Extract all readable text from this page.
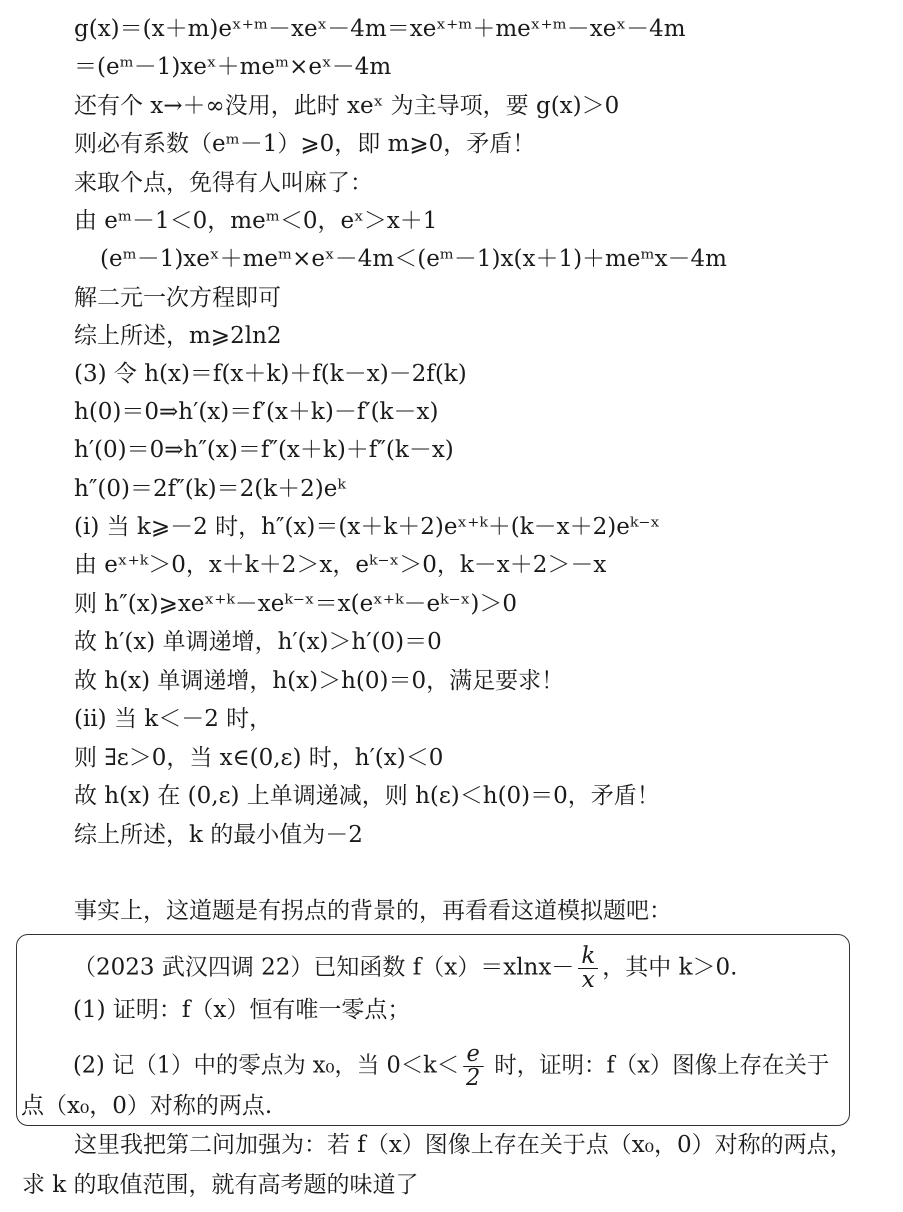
g(x)＝(x＋m)eˣ⁺ᵐ－xeˣ－4m＝xeˣ⁺ᵐ＋meˣ⁺ᵐ－xeˣ－4m
＝(eᵐ－1)xeˣ＋meᵐ×eˣ－4m
还有个 x→＋∞没用，此时 xeˣ 为主导项，要 g(x)＞0
则必有系数（eᵐ－1）⩾0，即 m⩾0，矛盾！
来取个点，免得有人叫麻了：
由 eᵐ－1＜0，meᵐ＜0，eˣ＞x＋1
(eᵐ－1)xeˣ＋meᵐ×eˣ－4m＜(eᵐ－1)x(x＋1)＋meᵐx－4m
解二元一次方程即可
综上所述，m⩾2ln2
(3) 令 h(x)＝f(x＋k)＋f(k－x)－2f(k)
h(0)＝0⇒h′(x)＝f′(x＋k)－f′(k－x)
h′(0)＝0⇒h″(x)＝f″(x＋k)＋f″(k－x)
h″(0)＝2f″(k)＝2(k＋2)eᵏ
(i) 当 k⩾－2 时，h″(x)＝(x＋k＋2)eˣ⁺ᵏ＋(k－x＋2)eᵏ⁻ˣ
由 eˣ⁺ᵏ＞0，x＋k＋2＞x，eᵏ⁻ˣ＞0，k－x＋2＞－x
则 h″(x)⩾xeˣ⁺ᵏ－xeᵏ⁻ˣ＝x(eˣ⁺ᵏ－eᵏ⁻ˣ)＞0
故 h′(x) 单调递增，h′(x)＞h′(0)＝0
故 h(x) 单调递增，h(x)＞h(0)＝0，满足要求！
(ii) 当 k＜－2 时，
则 ∃ε＞0，当 x∈(0,ε) 时，h′(x)＜0
故 h(x) 在 (0,ε) 上单调递减，则 h(ε)＜h(0)＝0，矛盾！
综上所述，k 的最小值为－2
事实上，这道题是有拐点的背景的，再看看这道模拟题吧：
（2023 武汉四调 22）已知函数 $f(x)=xlnx- \frac{k}{x}$ ，其中 k＞0.
(1) 证明：f（x）恒有唯一零点；
(2) 记（1）中的零点为 x₀，当 $0<k< \frac{e}{2}$ 时，证明：f（x）图像上存在关于
点（x₀，0）对称的两点.
这里我把第二问加强为：若 f（x）图像上存在关于点（x₀，0）对称的两点，
求 k 的取值范围，就有高考题的味道了
